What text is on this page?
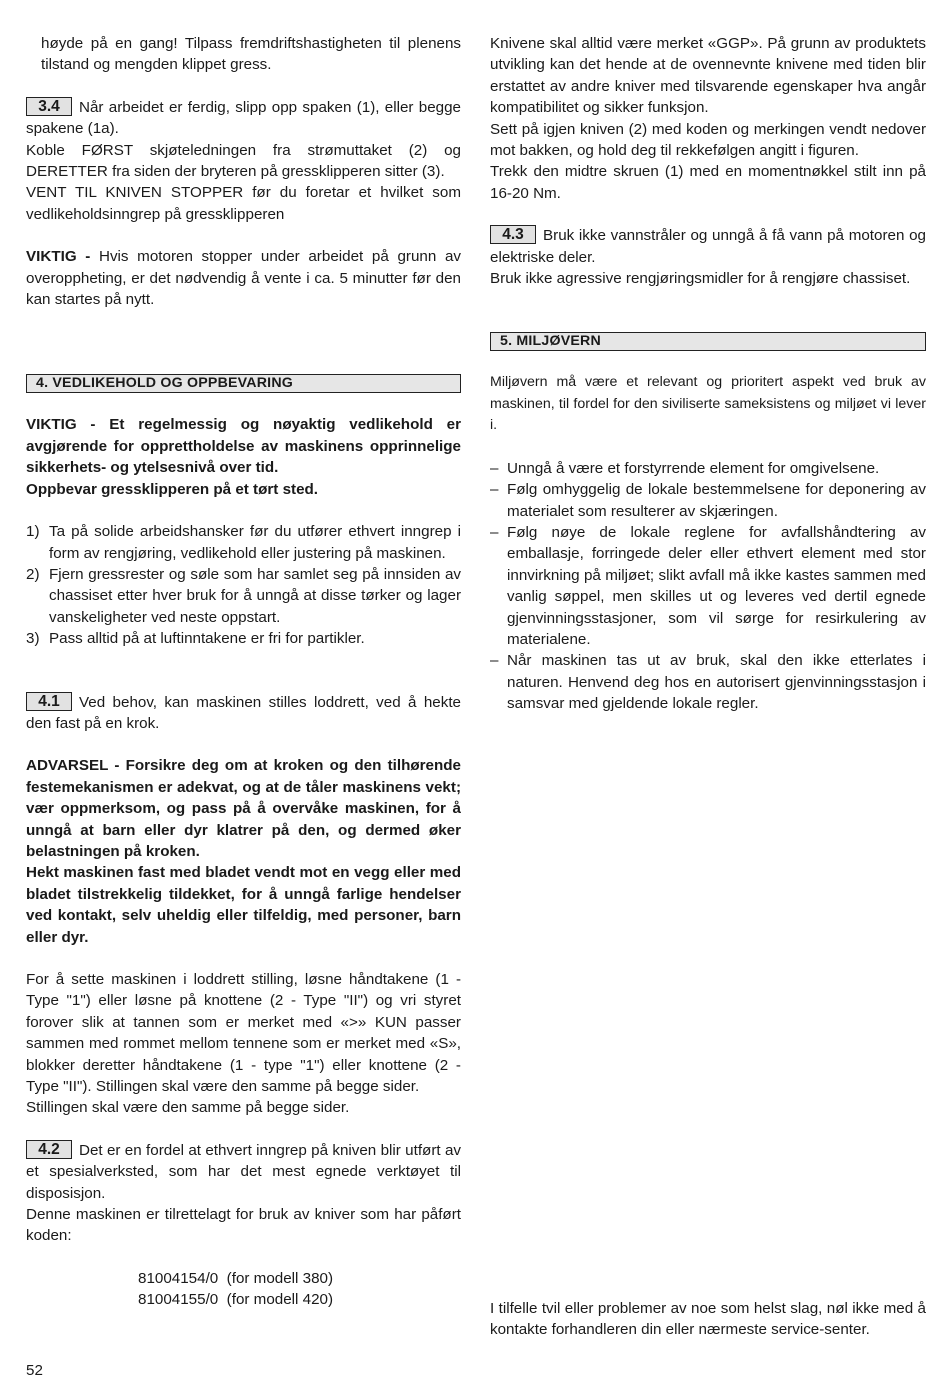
høyde på en gang! Tilpass fremdriftshastigheten til plenens tilstand og mengden klippet gress.

3.4 Når arbeidet er ferdig, slipp opp spaken (1), eller begge spakene (1a).

Koble FØRST skjøteledningen fra strømuttaket (2) og DERETTER fra siden der bryteren på gressklipperen sitter (3).

VENT TIL KNIVEN STOPPER før du foretar et hvilket som vedlikeholdsinngrep på gressklipperen

VIKTIG - Hvis motoren stopper under arbeidet på grunn av overoppheting, er det nødvendig å vente i ca. 5 minutter før den kan startes på nytt.

4. VEDLIKEHOLD OG OPPBEVARING

VIKTIG - Et regelmessig og nøyaktig vedlikehold er avgjørende for opprettholdelse av maskinens opprinnelige sikkerhets- og ytelsesnivå over tid.

Oppbevar gressklipperen på et tørt sted.

1) Ta på solide arbeidshansker før du utfører ethvert inngrep i form av rengjøring, vedlikehold eller justering på maskinen.
2) Fjern gressrester og søle som har samlet seg på innsiden av chassiset etter hver bruk for å unngå at disse tørker og lager vanskeligheter ved neste oppstart.
3) Pass alltid på at luftinntakene er fri for partikler.

4.1 Ved behov, kan maskinen stilles loddrett, ved å hekte den fast på en krok.

ADVARSEL - Forsikre deg om at kroken og den tilhørende festemekanismen er adekvat, og at de tåler maskinens vekt; vær oppmerksom, og pass på å overvåke maskinen, for å unngå at barn eller dyr klatrer på den, og dermed øker belastningen på kroken.

Hekt maskinen fast med bladet vendt mot en vegg eller med bladet tilstrekkelig tildekket, for å unngå farlige hendelser ved kontakt, selv uheldig eller tilfeldig, med personer, barn eller dyr.

For å sette maskinen i loddrett stilling, løsne håndtakene (1 - Type "1") eller løsne på knottene (2 - Type "II") og vri styret forover slik at tannen som er merket med «>» KUN passer sammen med rommet mellom tennene som er merket med «S», blokker deretter håndtakene (1 - type "1") eller knottene (2 - Type "II"). Stillingen skal være den samme på begge sider.

Stillingen skal være den samme på begge sider.

4.2 Det er en fordel at ethvert inngrep på kniven blir utført av et spesialverksted, som har det mest egnede verktøyet til disposisjon.

Denne maskinen er tilrettelagt for bruk av kniver som har påført koden:

81004154/0  (for modell 380)

81004155/0  (for modell 420)

Knivene skal alltid være merket «GGP». På grunn av produktets utvikling kan det hende at de ovennevnte knivene med tiden blir erstattet av andre kniver med tilsvarende egenskaper hva angår kompatibilitet og sikker funksjon.

Sett på igjen kniven (2) med koden og merkingen vendt nedover mot bakken, og hold deg til rekkefølgen angitt i figuren.

Trekk den midtre skruen (1) med en momentnøkkel stilt inn på 16-20 Nm.

4.3 Bruk ikke vannstråler og unngå å få vann på motoren og elektriske deler.

Bruk ikke agressive rengjøringsmidler for å rengjøre chassiset.

5. MILJØVERN

Miljøvern må være et relevant og prioritert aspekt ved bruk av maskinen, til fordel for den siviliserte sameksistens og miljøet vi lever i.

– Unngå å være et forstyrrende element for omgivelsene.
– Følg omhyggelig de lokale bestemmelsene for deponering av materialet som resulterer av skjæringen.
– Følg nøye de lokale reglene for avfallshåndtering av emballasje, forringede deler eller ethvert element med stor innvirkning på miljøet; slikt avfall må ikke kastes sammen med vanlig søppel, men skilles ut og leveres ved dertil egnede gjenvinningsstasjoner, som vil sørge for resirkulering av materialene.
– Når maskinen tas ut av bruk, skal den ikke etterlates i naturen. Henvend deg hos en autorisert gjenvinningsstasjon i samsvar med gjeldende lokale regler.

I tilfelle tvil eller problemer av noe som helst slag, nøl ikke med å kontakte forhandleren din eller nærmeste service-senter.

52
